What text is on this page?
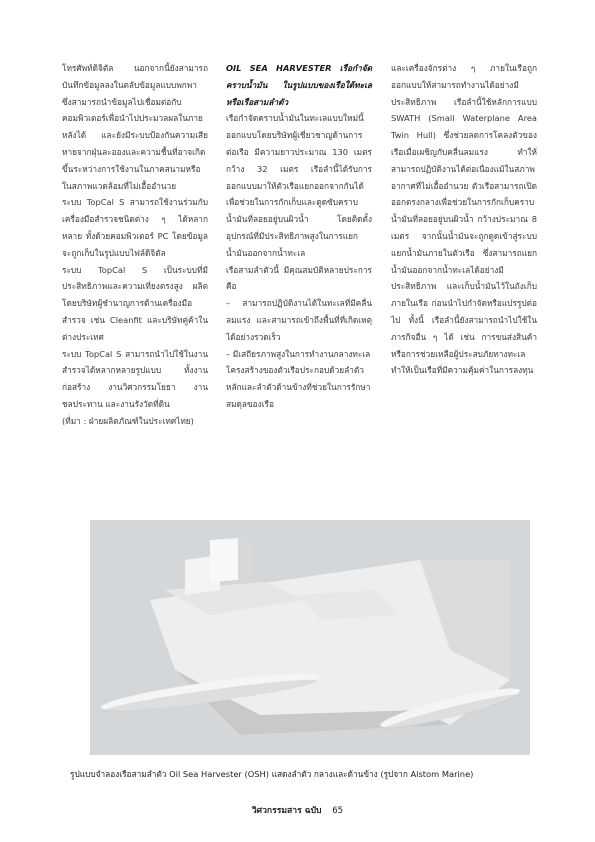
โทรศัพท์ดิจิตัล นอกจากนี้ยังสามารถบันทึกข้อมูลลงในตลับข้อมูลแบบพกพา ซึ่งสามารถนำข้อมูลไปเชื่อมต่อกับคอมพิวเตอร์เพื่อนำไปประมวลผลในภายหลังได้ และยังมีระบบป้องกันความเสียหายจากฝุ่นละอองและความชื้นที่อาจเกิดขึ้นระหว่างการใช้งานในภาคสนามหรือในสภาพแวดล้อมที่ไม่เอื้ออำนวย

ระบบ TopCal S สามารถใช้งานร่วมกับเครื่องมือสำรวจชนิดต่าง ๆ ได้หลากหลาย ทั้งด้วยคอมพิวเตอร์ PC โดยข้อมูลจะถูกเก็บในรูปแบบไฟล์ดิจิตัล

ระบบ TopCal S เป็นระบบที่มีประสิทธิภาพและความเที่ยงตรงสูง ผลิตโดยบริษัทผู้ชำนาญการด้านเครื่องมือสำรวจ เช่น Cleanfit และบริษัทคู่ค้าในต่างประเทศ

ระบบ TopCal S สามารถนำไปใช้ในงานสำรวจได้หลากหลายรูปแบบ ทั้งงานก่อสร้าง งานวิศวกรรมโยธา งานชลประทาน และงานรังวัดที่ดิน

(ที่มา : ฝ่ายผลิตภัณฑ์ในประเทศไทย)

OIL SEA HARVESTER เรือกำจัดคราบน้ำมัน ในรูปแบบของเรือใต้ทะเลหรือเรือสามลำตัว

เรือกำจัดคราบน้ำมันในทะเลแบบใหม่นี้ออกแบบโดยบริษัทผู้เชี่ยวชาญด้านการต่อเรือ มีความยาวประมาณ 130 เมตร กว้าง 32 เมตร เรือลำนี้ได้รับการออกแบบมาให้ตัวเรือแยกออกจากกันได้ เพื่อช่วยในการกักเก็บและดูดซับคราบน้ำมันที่ลอยอยู่บนผิวน้ำ โดยติดตั้งอุปกรณ์ที่มีประสิทธิภาพสูงในการแยกน้ำมันออกจากน้ำทะเล

เรือสามลำตัวนี้ มีคุณสมบัติหลายประการ คือ

– สามารถปฏิบัติงานได้ในทะเลที่มีคลื่นลมแรง และสามารถเข้าถึงพื้นที่ที่เกิดเหตุได้อย่างรวดเร็ว

– มีเสถียรภาพสูงในการทำงานกลางทะเล

โครงสร้างของตัวเรือประกอบด้วยลำตัวหลักและลำตัวด้านข้างที่ช่วยในการรักษาสมดุลของเรือ

และเครื่องจักรต่าง ๆ ภายในเรือถูกออกแบบให้สามารถทำงานได้อย่างมีประสิทธิภาพ เรือลำนี้ใช้หลักการแบบ SWATH (Small Waterplane Area Twin Hull) ซึ่งช่วยลดการโคลงตัวของเรือเมื่อเผชิญกับคลื่นลมแรง ทำให้สามารถปฏิบัติงานได้ต่อเนื่องแม้ในสภาพอากาศที่ไม่เอื้ออำนวย ตัวเรือสามารถเปิดออกตรงกลางเพื่อช่วยในการกักเก็บคราบน้ำมันที่ลอยอยู่บนผิวน้ำ กว้างประมาณ 8 เมตร จากนั้นน้ำมันจะถูกดูดเข้าสู่ระบบแยกน้ำมันภายในตัวเรือ ซึ่งสามารถแยกน้ำมันออกจากน้ำทะเลได้อย่างมีประสิทธิภาพ และเก็บน้ำมันไว้ในถังเก็บภายในเรือ ก่อนนำไปกำจัดหรือแปรรูปต่อไป ทั้งนี้ เรือลำนี้ยังสามารถนำไปใช้ในภารกิจอื่น ๆ ได้ เช่น การขนส่งสินค้า หรือการช่วยเหลือผู้ประสบภัยทางทะเล ทำให้เป็นเรือที่มีความคุ้มค่าในการลงทุน

รูปแบบจำลองเรือสามลำตัว Oil Sea Harvester (OSH) แสดงลำตัว กลางและด้านข้าง (รูปจาก Alstom Marine)
วิศวกรรมสาร ฉบับ 65
